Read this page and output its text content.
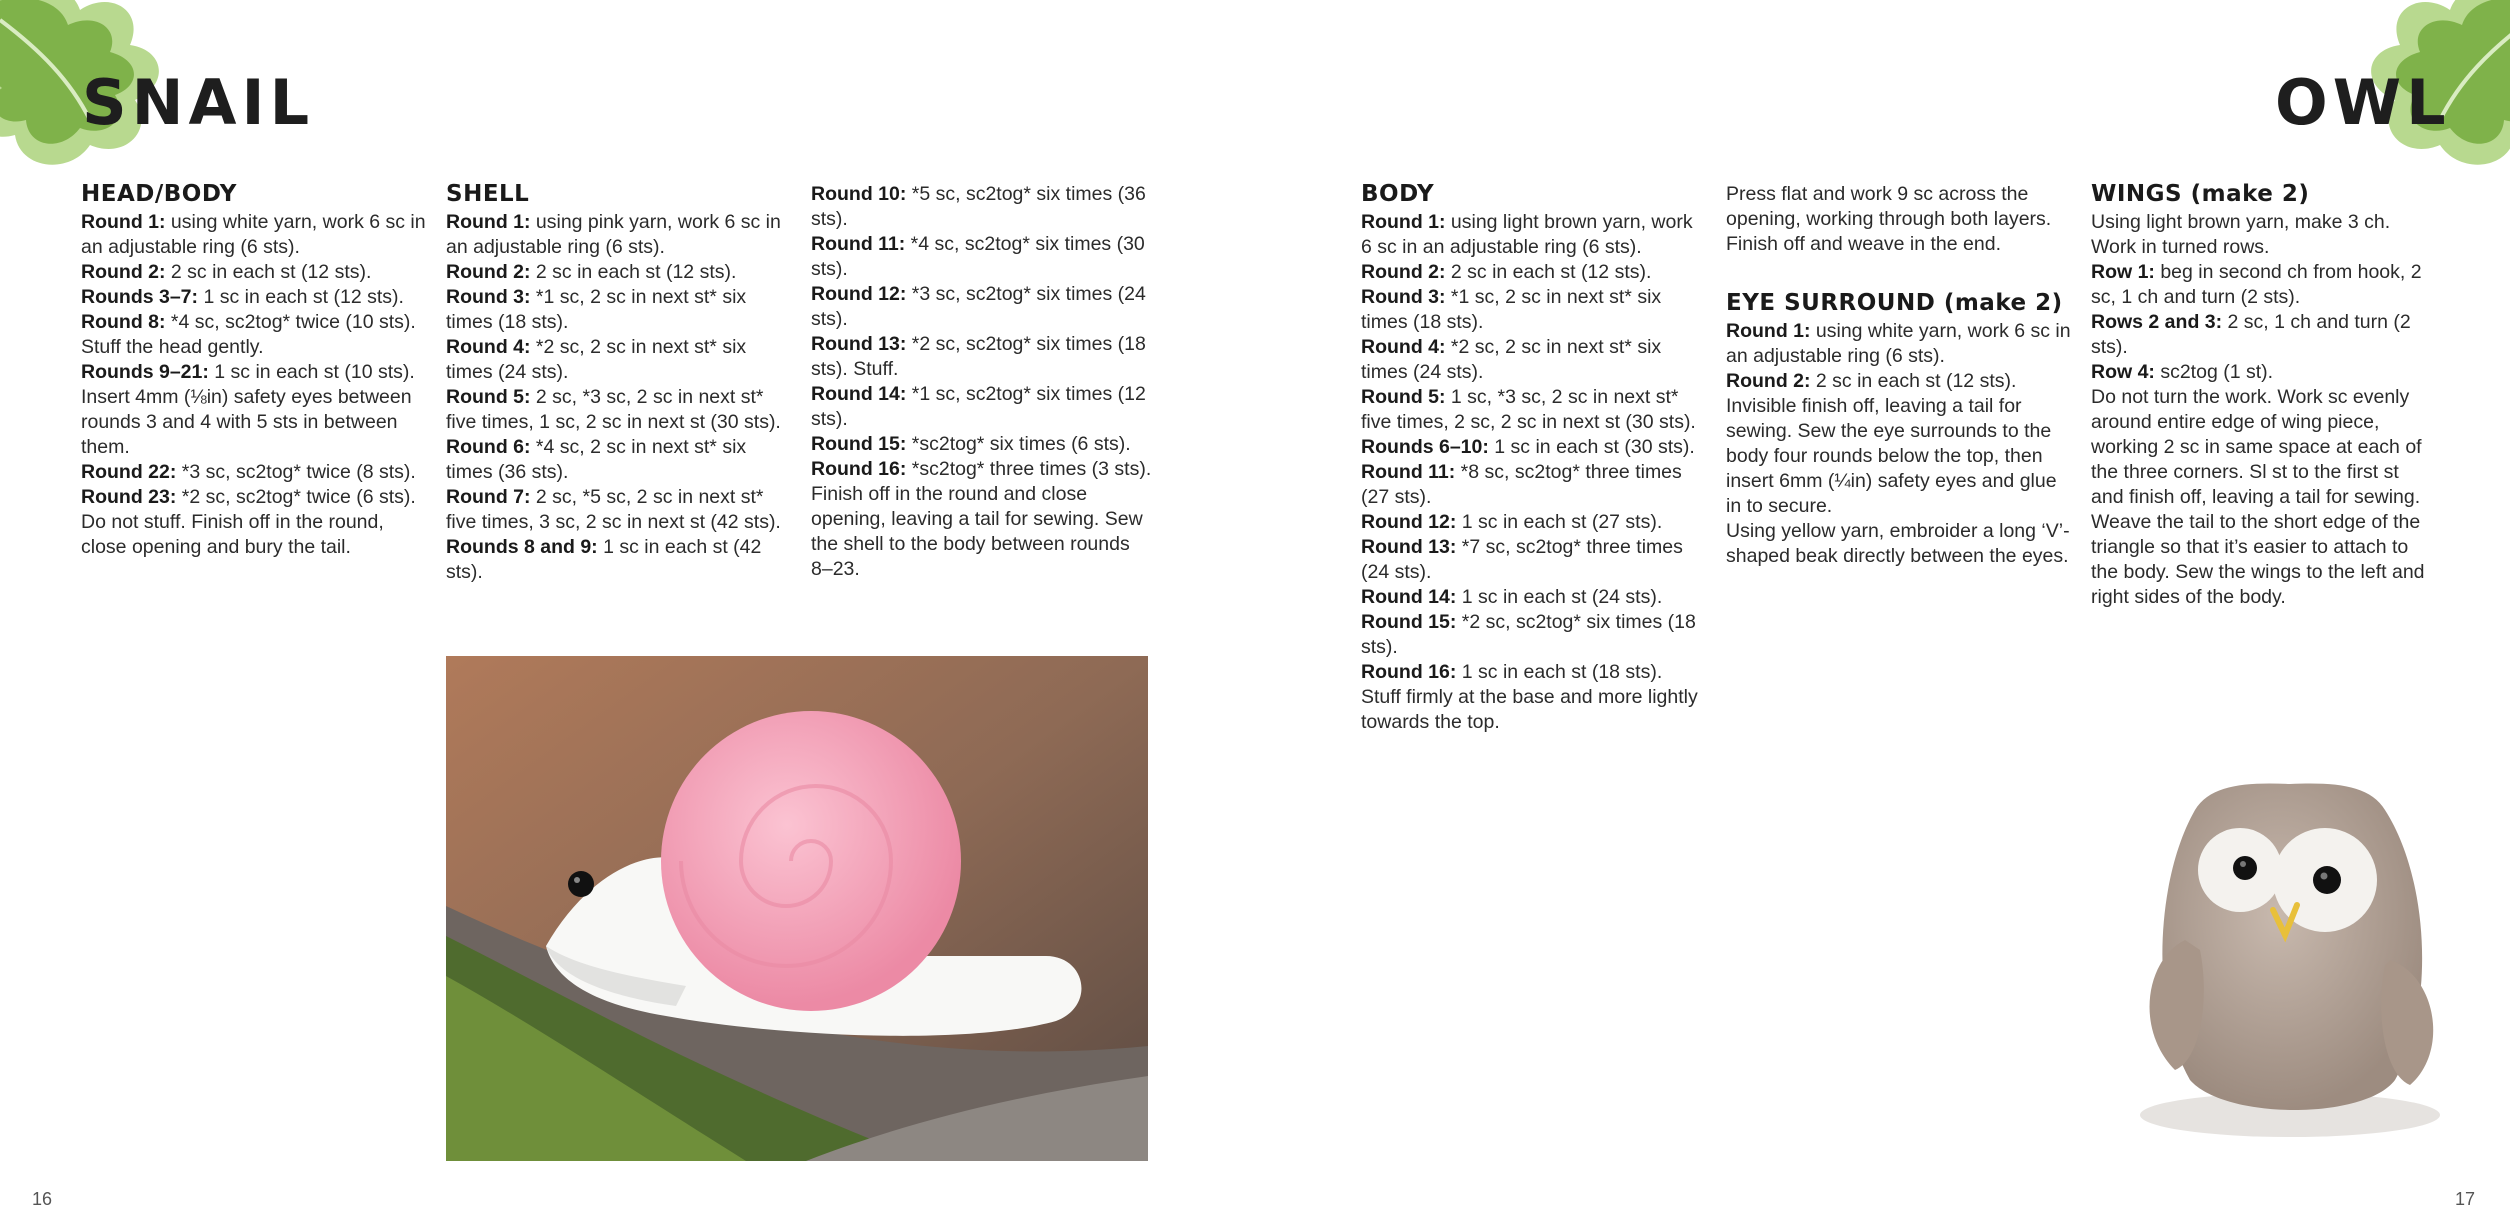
SNAIL
HEAD/BODY

Round 1: using white yarn, work 6 sc in an adjustable ring (6 sts).

Round 2: 2 sc in each st (12 sts).

Rounds 3–7: 1 sc in each st (12 sts).

Round 8: *4 sc, sc2tog* twice (10 sts). Stuff the head gently.

Rounds 9–21: 1 sc in each st (10 sts). Insert 4mm (⅛in) safety eyes between rounds 3 and 4 with 5 sts in between them.

Round 22: *3 sc, sc2tog* twice (8 sts).

Round 23: *2 sc, sc2tog* twice (6 sts). Do not stuff. Finish off in the round, close opening and bury the tail.

SHELL

Round 1: using pink yarn, work 6 sc in an adjustable ring (6 sts).

Round 2: 2 sc in each st (12 sts).

Round 3: *1 sc, 2 sc in next st* six times (18 sts).

Round 4: *2 sc, 2 sc in next st* six times (24 sts).

Round 5: 2 sc, *3 sc, 2 sc in next st* five times, 1 sc, 2 sc in next st (30 sts).

Round 6: *4 sc, 2 sc in next st* six times (36 sts).

Round 7: 2 sc, *5 sc, 2 sc in next st* five times, 3 sc, 2 sc in next st (42 sts).

Rounds 8 and 9: 1 sc in each st (42 sts).

Round 10: *5 sc, sc2tog* six times (36 sts).

Round 11: *4 sc, sc2tog* six times (30 sts).

Round 12: *3 sc, sc2tog* six times (24 sts).

Round 13: *2 sc, sc2tog* six times (18 sts). Stuff.

Round 14: *1 sc, sc2tog* six times (12 sts).

Round 15: *sc2tog* six times (6 sts).

Round 16: *sc2tog* three times (3 sts). Finish off in the round and close opening, leaving a tail for sewing. Sew the shell to the body between rounds 8–23.

16
OWL
BODY

Round 1: using light brown yarn, work 6 sc in an adjustable ring (6 sts).

Round 2: 2 sc in each st (12 sts).

Round 3: *1 sc, 2 sc in next st* six times (18 sts).

Round 4: *2 sc, 2 sc in next st* six times (24 sts).

Round 5: 1 sc, *3 sc, 2 sc in next st* five times, 2 sc, 2 sc in next st (30 sts).

Rounds 6–10: 1 sc in each st (30 sts).

Round 11: *8 sc, sc2tog* three times (27 sts).

Round 12: 1 sc in each st (27 sts).

Round 13: *7 sc, sc2tog* three times (24 sts).

Round 14: 1 sc in each st (24 sts).

Round 15: *2 sc, sc2tog* six times (18 sts).

Round 16: 1 sc in each st (18 sts). Stuff firmly at the base and more lightly towards the top.

Press flat and work 9 sc across the opening, working through both layers. Finish off and weave in the end.

EYE SURROUND (make 2)

Round 1: using white yarn, work 6 sc in an adjustable ring (6 sts).

Round 2: 2 sc in each st (12 sts). Invisible finish off, leaving a tail for sewing. Sew the eye surrounds to the body four rounds below the top, then insert 6mm (¼in) safety eyes and glue in to secure.

Using yellow yarn, embroider a long ‘V’-shaped beak directly between the eyes.

WINGS (make 2)

Using light brown yarn, make 3 ch. Work in turned rows.

Row 1: beg in second ch from hook, 2 sc, 1 ch and turn (2 sts).

Rows 2 and 3: 2 sc, 1 ch and turn (2 sts).

Row 4: sc2tog (1 st).

Do not turn the work. Work sc evenly around entire edge of wing piece, working 2 sc in same space at each of the three corners. Sl st to the first st and finish off, leaving a tail for sewing. Weave the tail to the short edge of the triangle so that it’s easier to attach to the body. Sew the wings to the left and right sides of the body.

17
